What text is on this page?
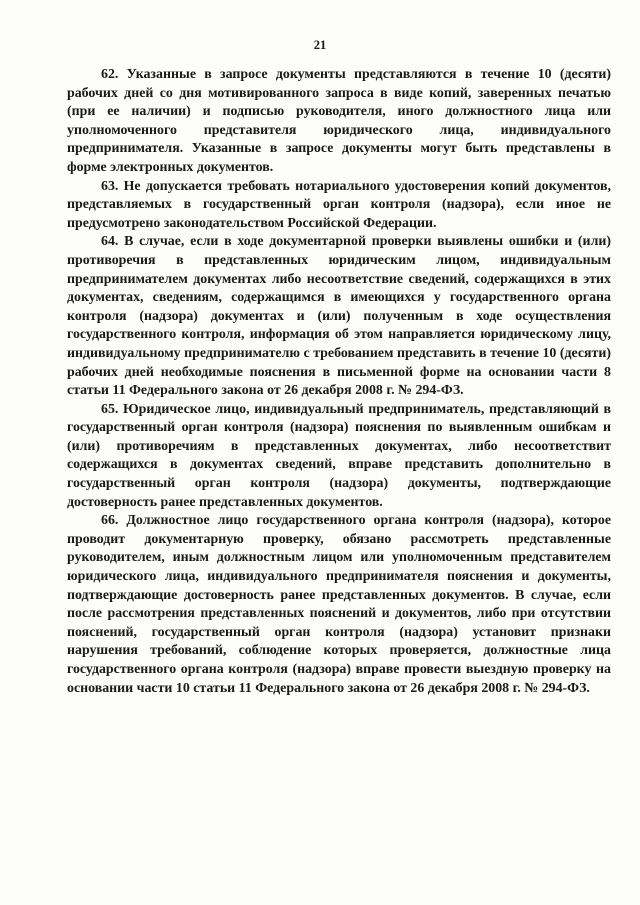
21

62. Указанные в запросе документы представляются в течение 10 (десяти) рабочих дней со дня мотивированного запроса в виде копий, заверенных печатью (при ее наличии) и подписью руководителя, иного должностного лица или уполномоченного представителя юридического лица, индивидуального предпринимателя. Указанные в запросе документы могут быть представлены в форме электронных документов.

63. Не допускается требовать нотариального удостоверения копий документов, представляемых в государственный орган контроля (надзора), если иное не предусмотрено законодательством Российской Федерации.

64. В случае, если в ходе документарной проверки выявлены ошибки и (или) противоречия в представленных юридическим лицом, индивидуальным предпринимателем документах либо несоответствие сведений, содержащихся в этих документах, сведениям, содержащимся в имеющихся у государственного органа контроля (надзора) документах и (или) полученным в ходе осуществления государственного контроля, информация об этом направляется юридическому лицу, индивидуальному предпринимателю с требованием представить в течение 10 (десяти) рабочих дней необходимые пояснения в письменной форме на основании части 8 статьи 11 Федерального закона от 26 декабря 2008 г. № 294-ФЗ.

65. Юридическое лицо, индивидуальный предприниматель, представляющий в государственный орган контроля (надзора) пояснения по выявленным ошибкам и (или) противоречиям в представленных документах, либо несоответствит содержащихся в документах сведений, вправе представить дополнительно в государственный орган контроля (надзора) документы, подтверждающие достоверность ранее представленных документов.

66. Должностное лицо государственного органа контроля (надзора), которое проводит документарную проверку, обязано рассмотреть представленные руководителем, иным должностным лицом или уполномоченным представителем юридического лица, индивидуального предпринимателя пояснения и документы, подтверждающие достоверность ранее представленных документов. В случае, если после рассмотрения представленных пояснений и документов, либо при отсутствии пояснений, государственный орган контроля (надзора) установит признаки нарушения требований, соблюдение которых проверяется, должностные лица государственного органа контроля (надзора) вправе провести выездную проверку на основании части 10 статьи 11 Федерального закона от 26 декабря 2008 г. № 294-ФЗ.
